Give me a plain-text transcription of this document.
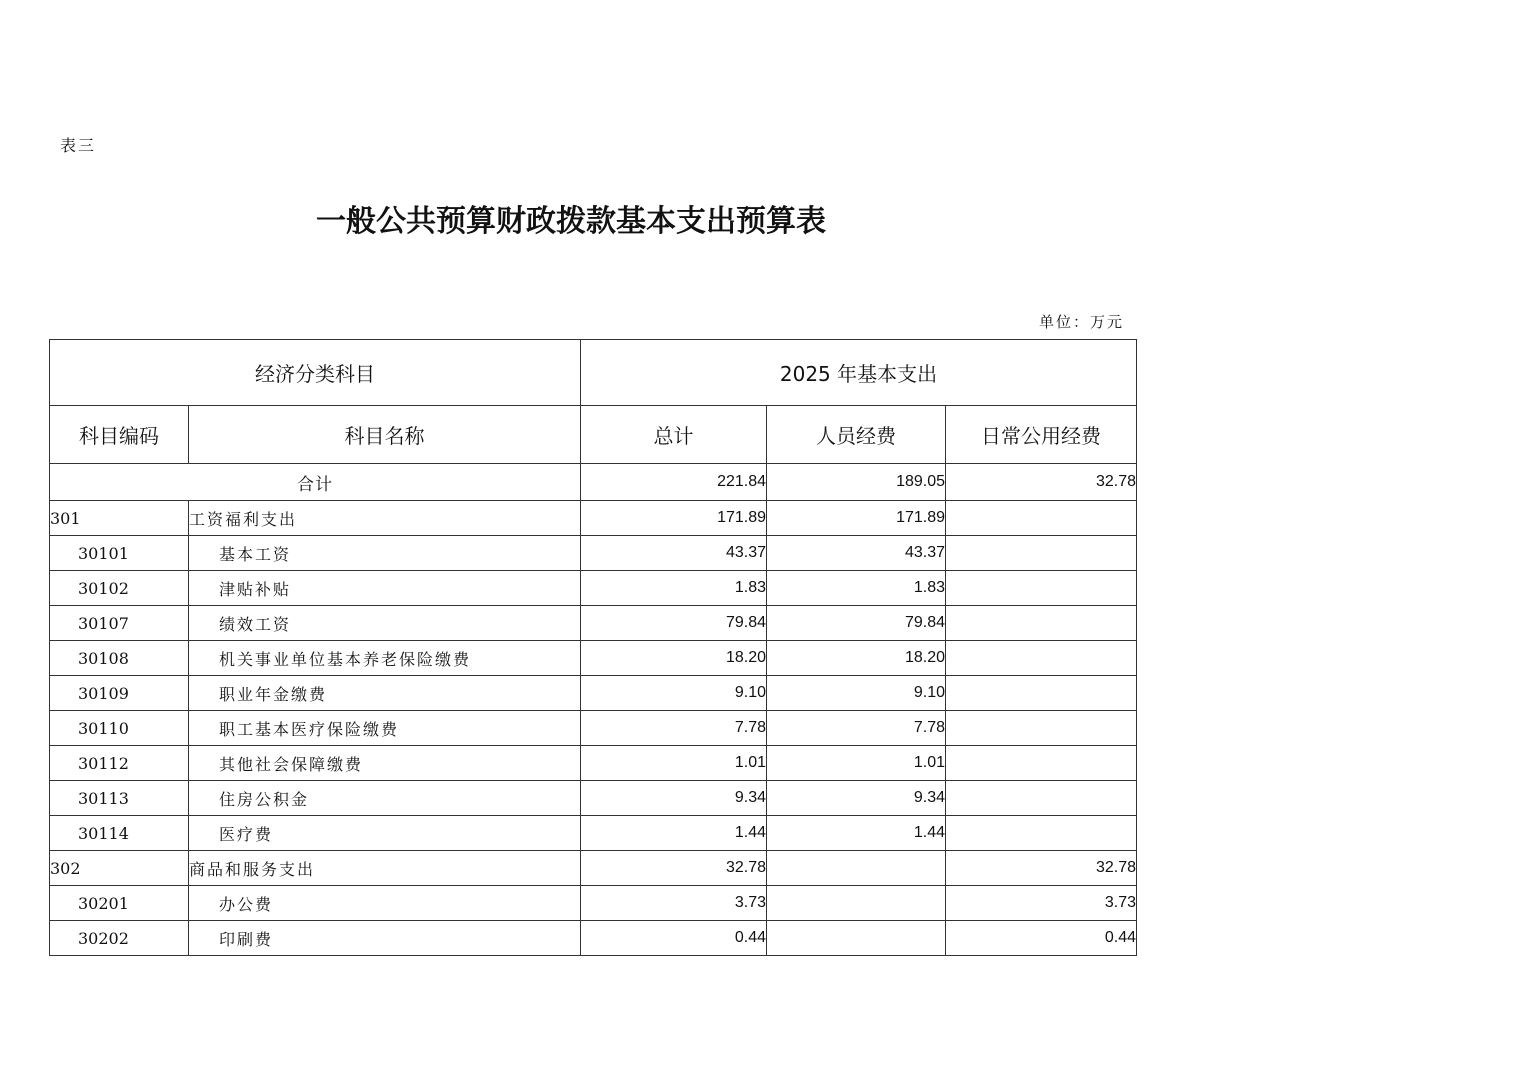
表三
一般公共预算财政拨款基本支出预算表
单位：万元
经济分类科目		2025 年基本支出		
科目编码	科目名称	总计	人员经费	日常公用经费
合计		221.84	189.05	32.78
301	工资福利支出	171.89	171.89	
30101	基本工资	43.37	43.37	
30102	津贴补贴	1.83	1.83	
30107	绩效工资	79.84	79.84	
30108	机关事业单位基本养老保险缴费	18.20	18.20	
30109	职业年金缴费	9.10	9.10	
30110	职工基本医疗保险缴费	7.78	7.78	
30112	其他社会保障缴费	1.01	1.01	
30113	住房公积金	9.34	9.34	
30114	医疗费	1.44	1.44	
302	商品和服务支出	32.78		32.78
30201	办公费	3.73		3.73
30202	印刷费	0.44		0.44
